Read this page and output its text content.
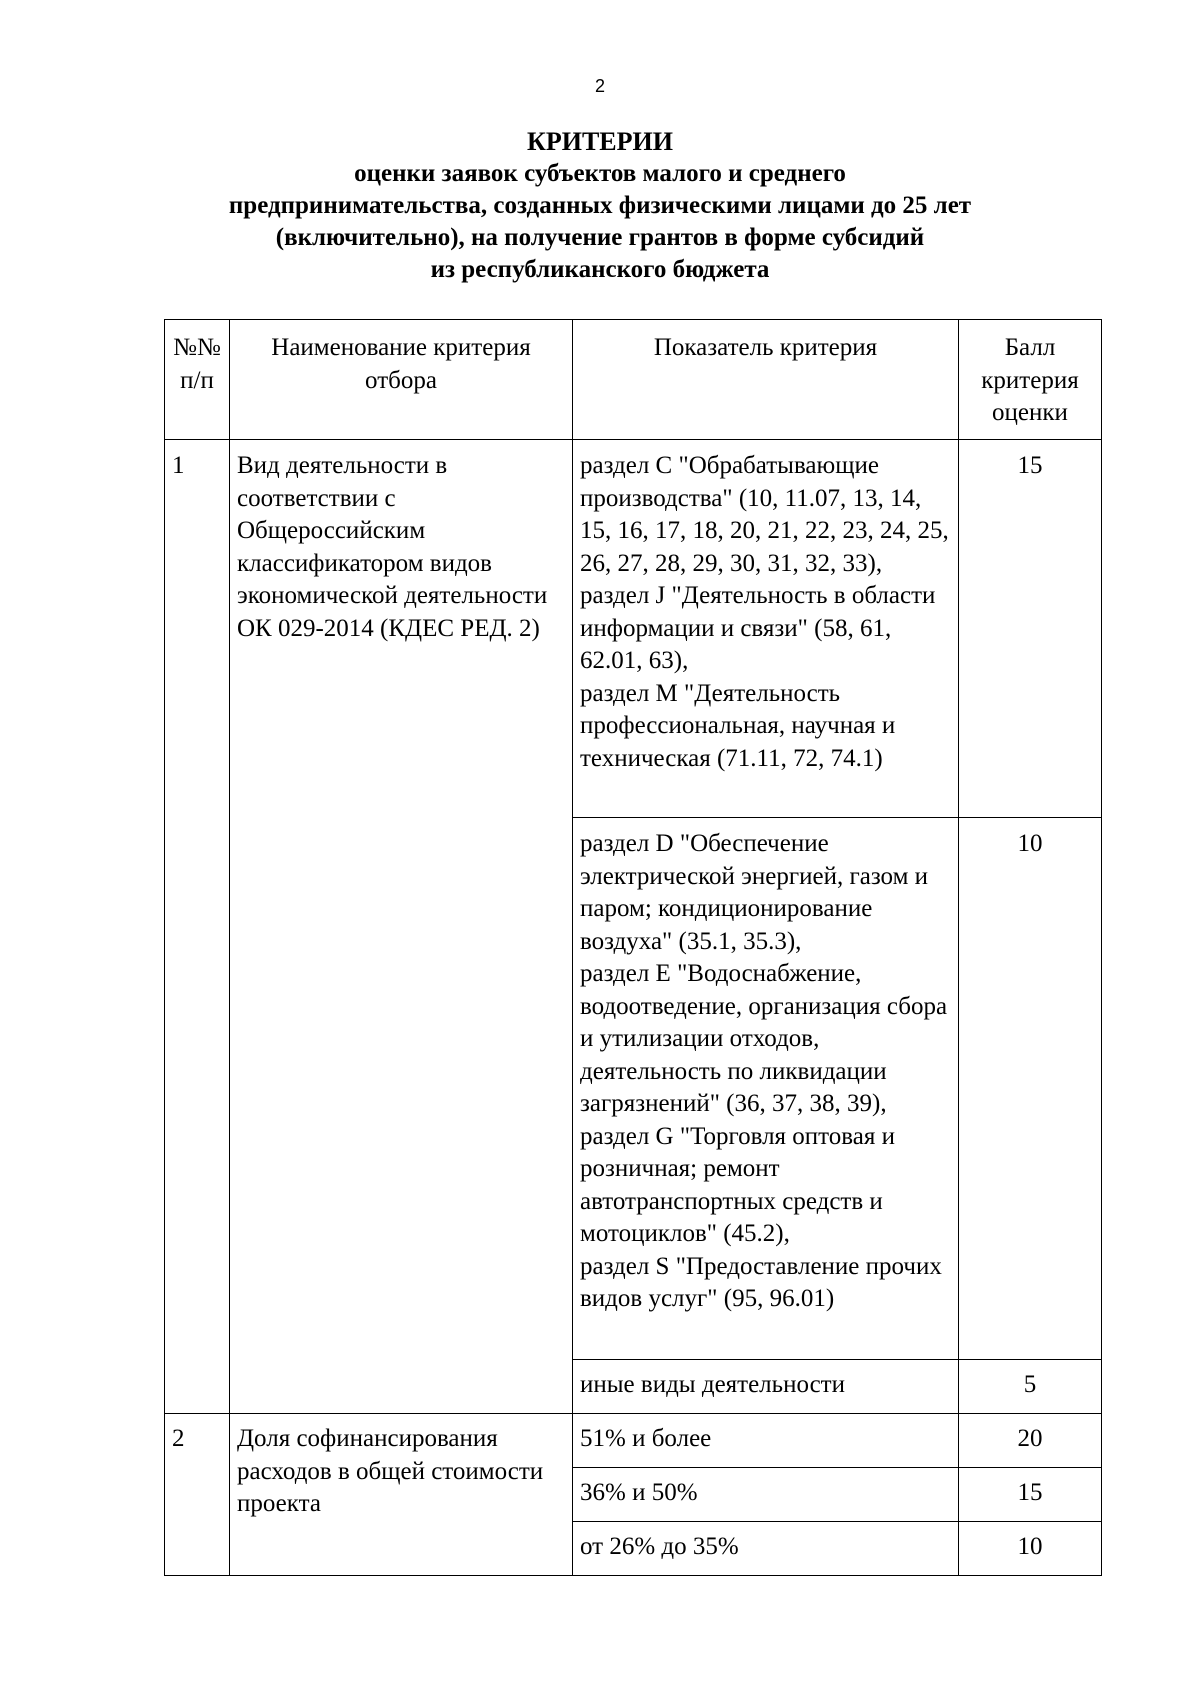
2
КРИТЕРИИ
оценки заявок субъектов малого и среднего
предпринимательства, созданных физическими лицами до 25 лет
(включительно), на получение грантов в форме субсидий
из республиканского бюджета
№№ п/п	Наименование критерия отбора	Показатель критерия	Балл критерия оценки
1	Вид деятельности в соответствии с Общероссийским классификатором видов экономической деятельности ОК 029-2014 (КДЕС РЕД. 2)	раздел С "Обрабатывающие производства" (10, 11.07, 13, 14, 15, 16, 17, 18, 20, 21, 22, 23, 24, 25, 26, 27, 28, 29, 30, 31, 32, 33),
раздел J "Деятельность в области информации и связи" (58, 61, 62.01, 63),
раздел М "Деятельность профессиональная, научная и техническая (71.11, 72, 74.1)	15

		раздел D "Обеспечение электрической энергией, газом и паром; кондиционирование воздуха" (35.1, 35.3),
раздел E "Водоснабжение, водоотведение, организация сбора и утилизации отходов, деятельность по ликвидации загрязнений" (36, 37, 38, 39),
раздел G "Торговля оптовая и розничная; ремонт автотранспортных средств и мотоциклов" (45.2),
раздел S "Предоставление прочих видов услуг" (95, 96.01)	10

		иные виды деятельности	5
2	Доля софинансирования расходов в общей стоимости проекта	51% и более	20

		36% и 50%	15

		от 26% до 35%	10
